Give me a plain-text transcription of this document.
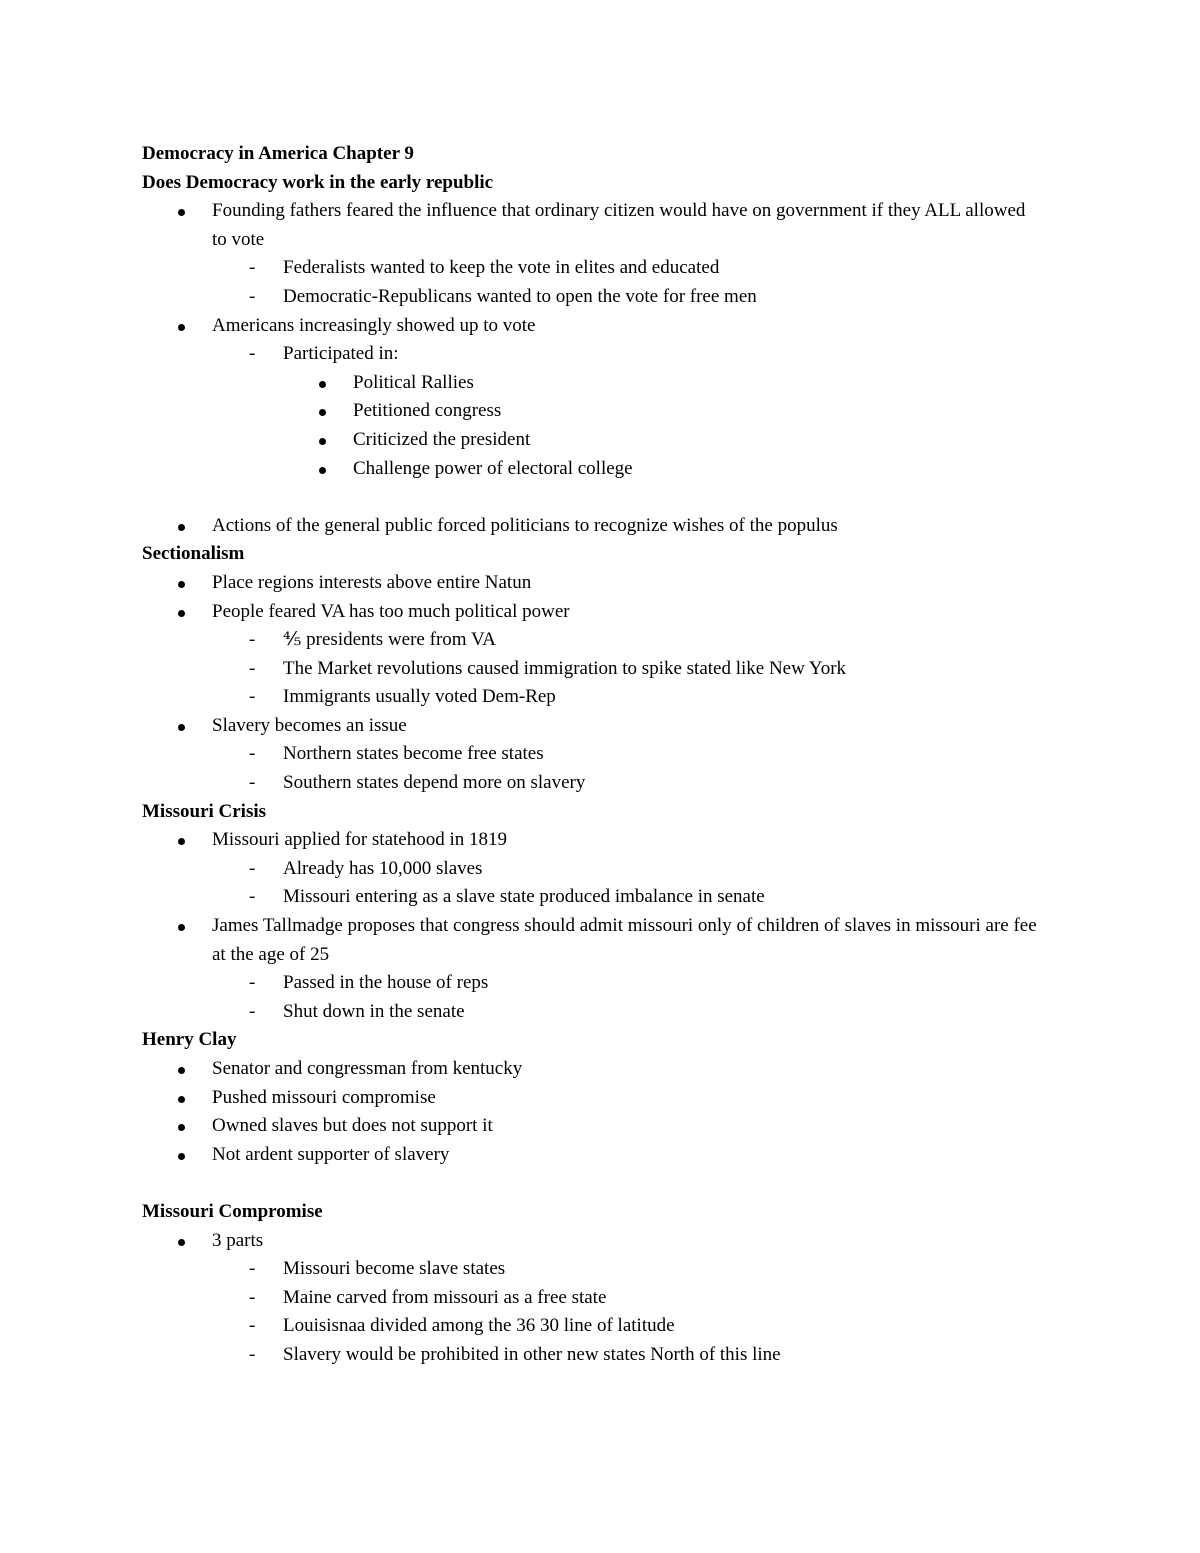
Democracy in America Chapter 9

Does Democracy work in the early republic

Founding fathers feared the influence that ordinary citizen would have on government if they ALL allowed to vote
- Federalists wanted to keep the vote in elites and educated
- Democratic-Republicans wanted to open the vote for free men
Americans increasingly showed up to vote
- Participated in:
Political Rallies
Petitioned congress
Criticized the president
Challenge power of electoral college
Actions of the general public forced politicians to recognize wishes of the populus

Sectionalism

Place regions interests above entire Natun
People feared VA has too much political power
- ⅘ presidents were from VA
- The Market revolutions caused immigration to spike stated like New York
- Immigrants usually voted Dem-Rep
Slavery becomes an issue
- Northern states become free states
- Southern states depend more on slavery

Missouri Crisis

Missouri applied for statehood in 1819
- Already has 10,000 slaves
- Missouri entering as a slave state produced imbalance in senate
James Tallmadge proposes that congress should admit missouri only of children of slaves in missouri are fee at the age of 25
- Passed in the house of reps
- Shut down in the senate

Henry Clay

Senator and congressman from kentucky
Pushed missouri compromise
Owned slaves but does not support it
Not ardent supporter of slavery

Missouri Compromise

3 parts
- Missouri become slave states
- Maine carved from missouri as a free state
- Louisisnaa divided among the 36 30 line of latitude
- Slavery would be prohibited in other new states North of this line
